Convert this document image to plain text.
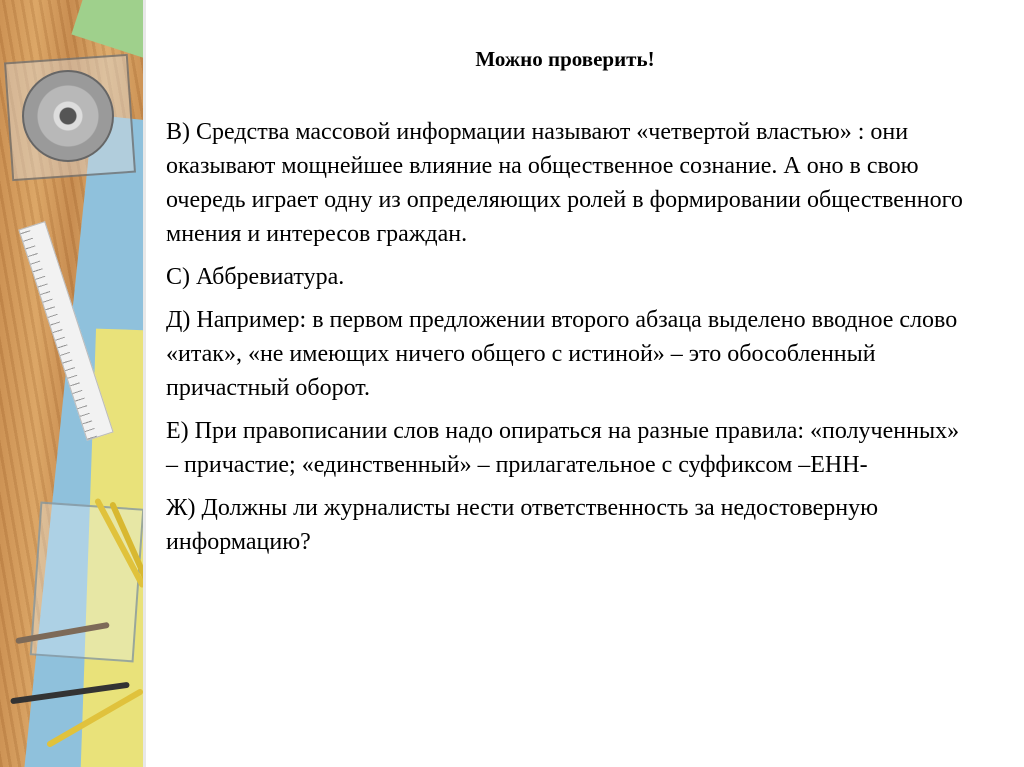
Можно проверить!

В) Средства массовой информации называют «четвертой властью» : они оказывают мощнейшее влияние на общественное сознание. А оно в свою очередь играет одну из определяющих ролей в формировании общественного мнения и интересов граждан.

С) Аббревиатура.

Д) Например: в первом предложении второго абзаца выделено вводное слово «итак», «не имеющих ничего общего с истиной» – это обособленный причастный оборот.

Е) При правописании слов надо опираться на разные правила: «полученных» – причастие; «единственный» – прилагательное с суффиксом –ЕНН-

Ж) Должны ли журналисты нести ответственность за недостоверную информацию?
